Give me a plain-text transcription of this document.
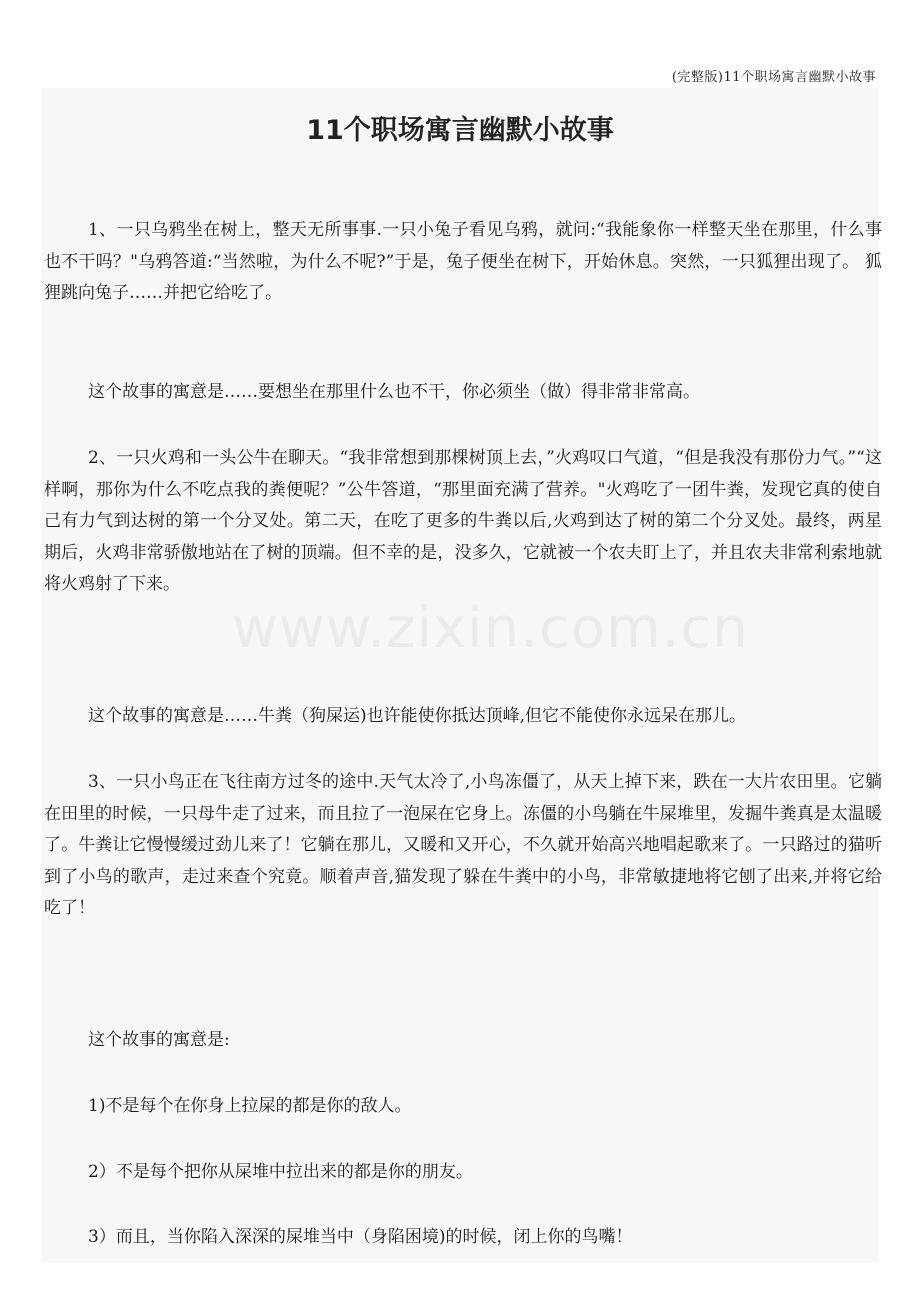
(完整版)11个职场寓言幽默小故事
11个职场寓言幽默小故事
www.zixin.com.cn

1、一只乌鸦坐在树上，整天无所事事.一只小兔子看见乌鸦，就问:“我能象你一样整天坐在那里，什么事也不干吗？"乌鸦答道:“当然啦，为什么不呢?”于是，兔子便坐在树下，开始休息。突然，一只狐狸出现了。 狐狸跳向兔子……并把它给吃了。

这个故事的寓意是……要想坐在那里什么也不干，你必须坐（做）得非常非常高。

2、一只火鸡和一头公牛在聊天。“我非常想到那棵树顶上去，”火鸡叹口气道，“但是我没有那份力气。”“这样啊，那你为什么不吃点我的粪便呢？”公牛答道，“那里面充满了营养。"火鸡吃了一团牛粪，发现它真的使自己有力气到达树的第一个分叉处。第二天，在吃了更多的牛粪以后,火鸡到达了树的第二个分叉处。最终，两星期后，火鸡非常骄傲地站在了树的顶端。但不幸的是，没多久，它就被一个农夫盯上了，并且农夫非常利索地就将火鸡射了下来。

这个故事的寓意是……牛粪（狗屎运)也许能使你抵达顶峰,但它不能使你永远呆在那儿。

3、一只小鸟正在飞往南方过冬的途中.天气太冷了,小鸟冻僵了，从天上掉下来，跌在一大片农田里。它躺在田里的时候，一只母牛走了过来，而且拉了一泡屎在它身上。冻僵的小鸟躺在牛屎堆里，发掘牛粪真是太温暖了。牛粪让它慢慢缓过劲儿来了！它躺在那儿，又暖和又开心，不久就开始高兴地唱起歌来了。一只路过的猫听到了小鸟的歌声，走过来查个究竟。顺着声音,猫发现了躲在牛粪中的小鸟，非常敏捷地将它刨了出来,并将它给吃了！

这个故事的寓意是:

1)不是每个在你身上拉屎的都是你的敌人。

2）不是每个把你从屎堆中拉出来的都是你的朋友。

3）而且，当你陷入深深的屎堆当中（身陷困境)的时候，闭上你的鸟嘴！
